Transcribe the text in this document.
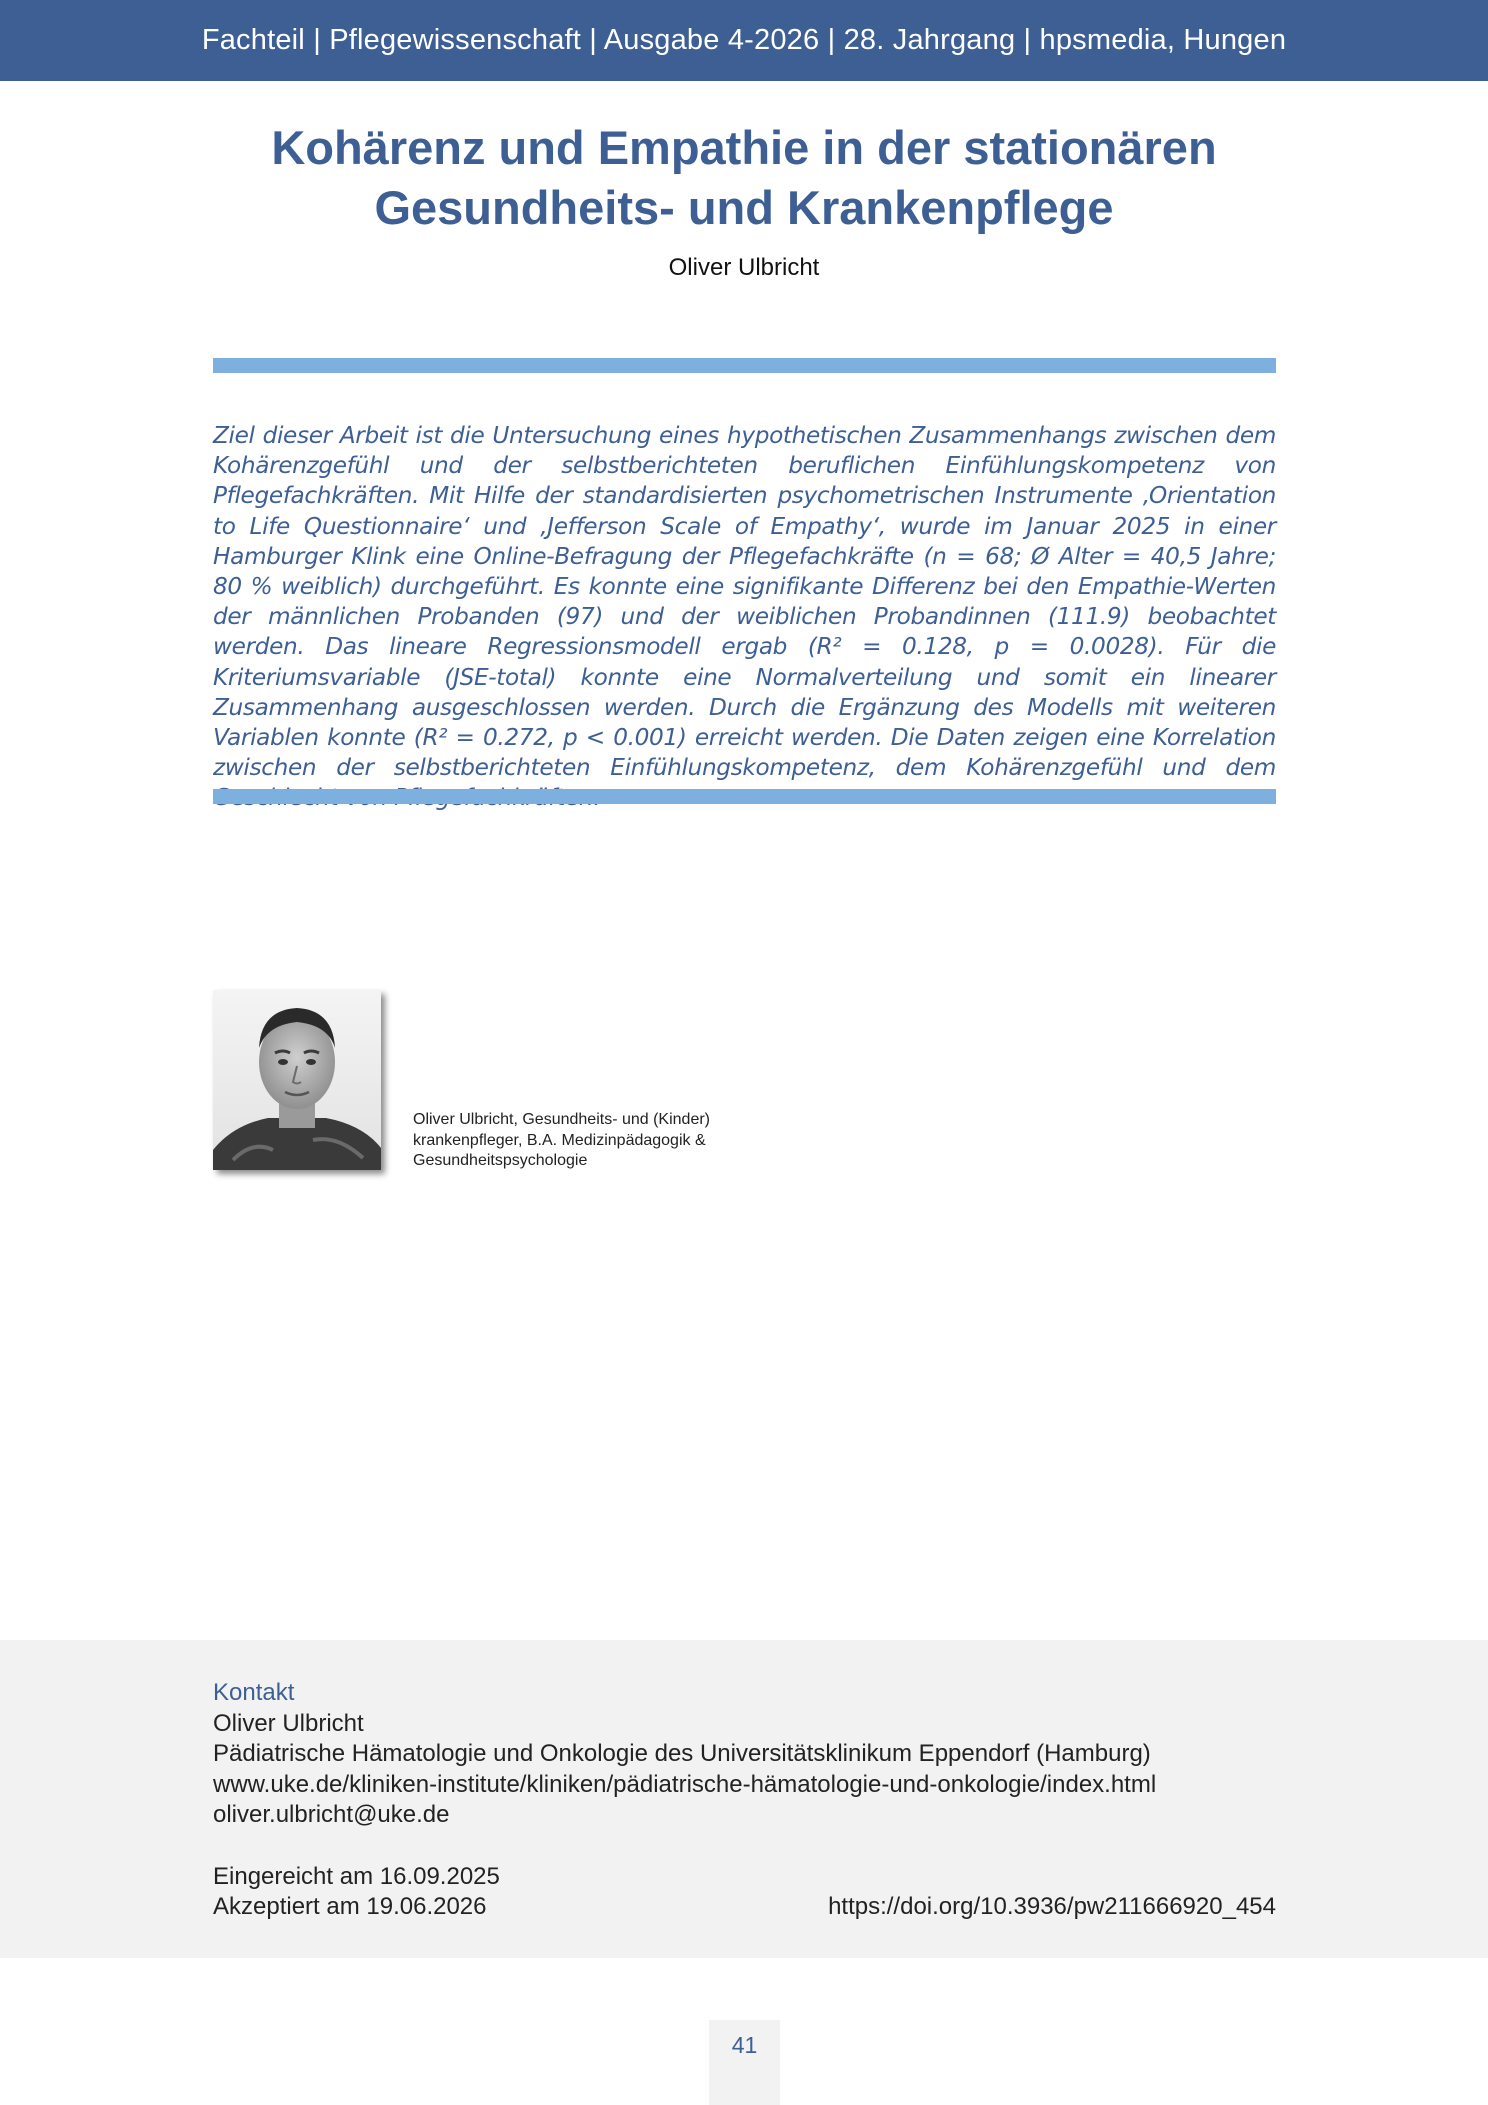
Fachteil | Pflegewissenschaft | Ausgabe 4-2026 | 28. Jahrgang | hpsmedia, Hungen
Kohärenz und Empathie in der stationären
Gesundheits- und Krankenpflege
Oliver Ulbricht

Ziel dieser Arbeit ist die Untersuchung eines hypothetischen Zusammenhangs zwischen dem Kohärenzgefühl und der selbstberichteten beruflichen Einfühlungskompetenz von Pflegefachkräften. Mit Hilfe der standardisierten psychometrischen Instrumente ‚Orientation to Life Questionnaire‘ und ‚Jefferson Scale of Empathy‘, wurde im Januar 2025 in einer Hamburger Klink eine Online-Befragung der Pflegefachkräfte (n = 68; Ø Alter = 40,5 Jahre; 80 % weiblich) durchgeführt. Es konnte eine signifikante Differenz bei den Empathie-Werten der männlichen Probanden (97) und der weiblichen Probandinnen (111.9) beobachtet werden. Das lineare Regressionsmodell ergab (R² = 0.128, p = 0.0028). Für die Kriteriumsvariable (JSE-total) konnte eine Normalverteilung und somit ein linearer Zusammenhang ausgeschlossen werden. Durch die Ergänzung des Modells mit weiteren Variablen konnte (R² = 0.272, p < 0.001) erreicht werden. Die Daten zeigen eine Korrelation zwischen der selbstberichteten Einfühlungskompetenz, dem Kohärenzgefühl und dem

Oliver Ulbricht, Gesundheits- und (Kinder)
krankenpfleger, B.A. Medizinpädagogik &
Gesundheitspsychologie
Kontakt
Oliver Ulbricht
Pädiatrische Hämatologie und Onkologie des Universitätsklinikum Eppendorf (Hamburg)
www.uke.de/kliniken-institute/kliniken/pädiatrische-hämatologie-und-onkologie/index.html
oliver.ulbricht@uke.de
Eingereicht am 16.09.2025
Akzeptiert am 19.06.2026	https://doi.org/10.3936/pw211666920_454
41
